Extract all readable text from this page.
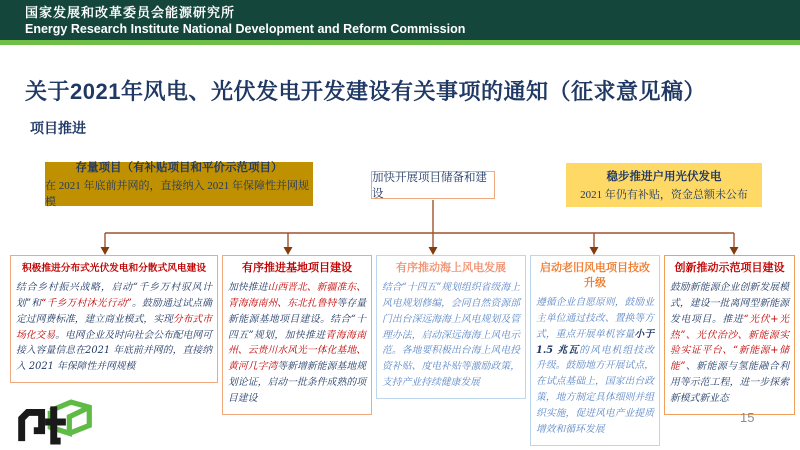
国家发展和改革委员会能源研究所
Energy Research Institute National Development and Reform Commission
关于2021年风电、光伏发电开发建设有关事项的通知（征求意见稿）
项目推进
存量项目（有补贴项目和平价示范项目）
在 2021 年底前并网的，直接纳入 2021 年保障性并网规模
加快开展项目储备和建设
稳步推进户用光伏发电
2021 年仍有补贴，资金总额未公布
积极推进分布式光伏发电和分散式风电建设
结合乡村振兴战略，启动“千乡万村驭风计划”和“千乡万村沐光行动”。鼓励通过试点确定过网费标准，建立商业模式，实现分布式市场化交易。电网企业及时向社会公布配电网可接入容量信息在2021 年底前并网的，直接纳入 2021 年保障性并网规模
有序推进基地项目建设
加快推进山西晋北、新疆准东、青海海南州、东北扎鲁特等存量新能源基地项目建设。结合“十四五”规划，加快推进青海海南州、云贵川水风光一体化基地、黄河几字湾等新增新能源基地规划论证，启动一批条件成熟的项目建设
有序推动海上风电发展
结合“十四五”规划组织省级海上风电规划修编，会同自然资源部门出台深远海海上风电规划及管理办法，启动深远海海上风电示范。各地要积极出台海上风电投资补贴、度电补贴等激励政策，支持产业持续健康发展
启动老旧风电项目技改升级
遵循企业自愿原则，鼓励业主单位通过技改、置换等方式，重点开展单机容量小于 1.5 兆瓦的风电机组技改升级。鼓励地方开展试点，在试点基础上，国家出台政策，地方制定具体细则并组织实施，促进风电产业提质增效和循环发展
创新推动示范项目建设
鼓励新能源企业创新发展模式，建设一批离网型新能源发电项目。推进“光伏+光热”、光伏治沙、新能源实验实证平台、“新能源+储能”、新能源与氢能融合利用等示范工程，进一步探索新模式新业态
15
